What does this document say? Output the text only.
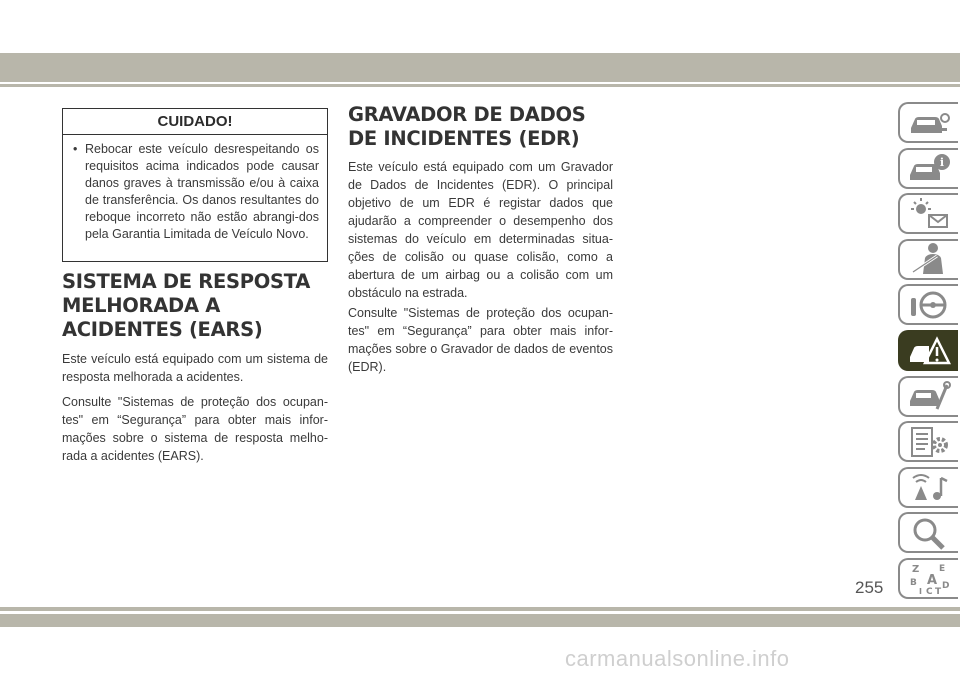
CUIDADO!
• Rebocar este veículo desrespeitando os requisitos acima indicados pode causar danos graves à transmissão e/ou à caixa de transferência. Os danos resultantes do reboque incorreto não estão abrangi-dos pela Garantia Limitada de Veículo Novo.
SISTEMA DE RESPOSTA MELHORADA A ACIDENTES (EARS)

Este veículo está equipado com um sistema de resposta melhorada a acidentes.

Consulte "Sistemas de proteção dos ocupan-tes" em “Segurança” para obter mais infor-mações sobre o sistema de resposta melho-rada a acidentes (EARS).

GRAVADOR DE DADOS DE INCIDENTES (EDR)

Este veículo está equipado com um Gravador de Dados de Incidentes (EDR). O principal objetivo de um EDR é registar dados que ajudarão a compreender o desempenho dos sistemas do veículo em determinadas situa-ções de colisão ou quase colisão, como a abertura de um airbag ou a colisão com um obstáculo na estrada.

Consulte "Sistemas de proteção dos ocupan-tes" em “Segurança” para obter mais infor-mações sobre o Gravador de dados de eventos (EDR).

i
Z E
A
B
I C T
D
255
carmanualsonline.info
